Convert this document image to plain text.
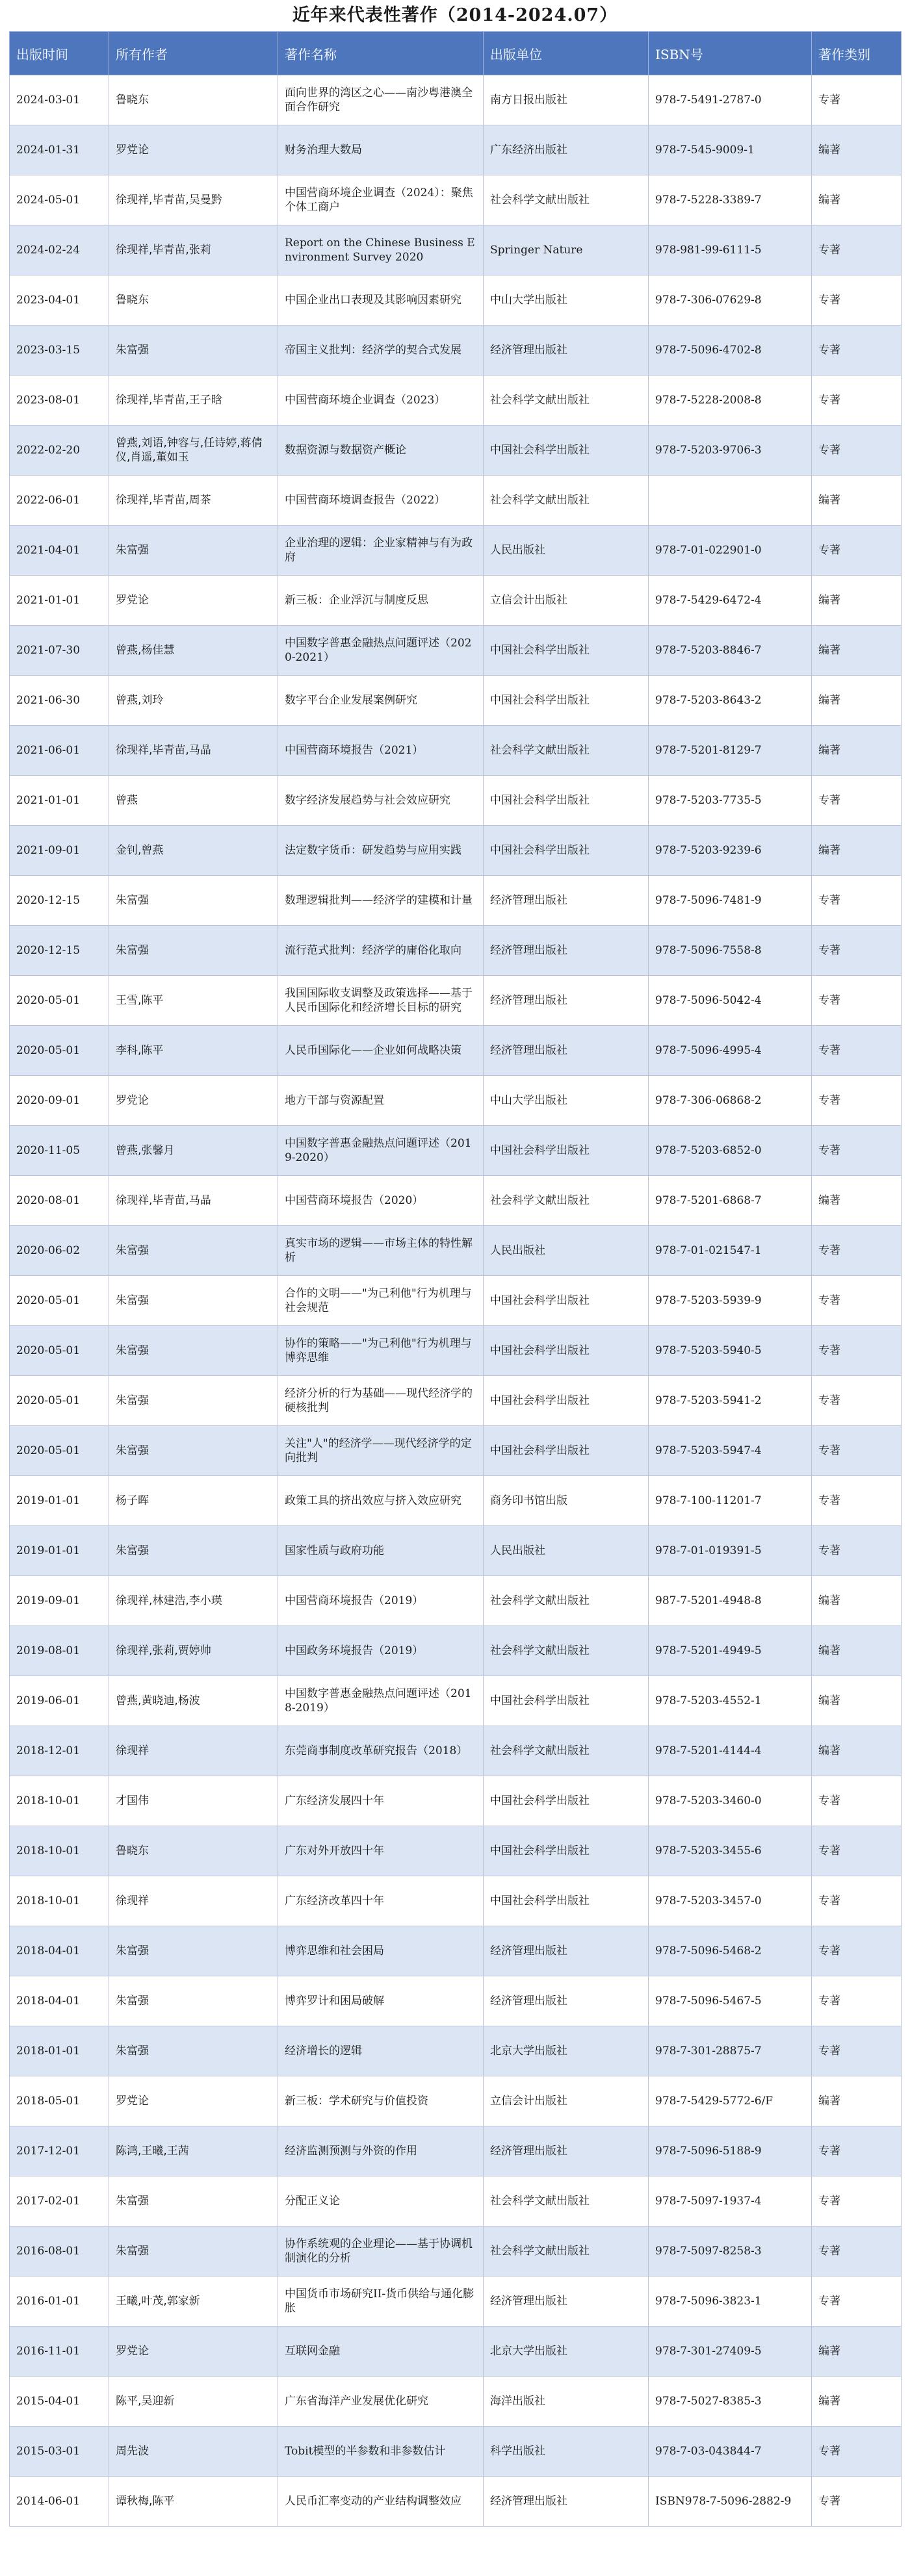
近年来代表性著作（2014-2024.07）
出版时间	所有作者	著作名称	出版单位	ISBN号	著作类别
2024-03-01	鲁晓东	面向世界的湾区之心——南沙粤港澳全面合作研究	南方日报出版社	978-7-5491-2787-0	专著
2024-01-31	罗党论	财务治理大数局	广东经济出版社	978-7-545-9009-1	编著
2024-05-01	徐现祥,毕青苗,吴曼黔	中国营商环境企业调查（2024）：聚焦个体工商户	社会科学文献出版社	978-7-5228-3389-7	编著
2024-02-24	徐现祥,毕青苗,张莉	Report on the Chinese Business Environment Survey 2020	Springer Nature	978-981-99-6111-5	专著
2023-04-01	鲁晓东	中国企业出口表现及其影响因素研究	中山大学出版社	978-7-306-07629-8	专著
2023-03-15	朱富强	帝国主义批判：经济学的契合式发展	经济管理出版社	978-7-5096-4702-8	专著
2023-08-01	徐现祥,毕青苗,王子晗	中国营商环境企业调查（2023）	社会科学文献出版社	978-7-5228-2008-8	专著
2022-02-20	曾燕,刘语,钟容与,任诗婷,蒋倩仪,肖遥,董如玉	数据资源与数据资产概论	中国社会科学出版社	978-7-5203-9706-3	专著
2022-06-01	徐现祥,毕青苗,周茶	中国营商环境调查报告（2022）	社会科学文献出版社		编著
2021-04-01	朱富强	企业治理的逻辑：企业家精神与有为政府	人民出版社	978-7-01-022901-0	专著
2021-01-01	罗党论	新三板：企业浮沉与制度反思	立信会计出版社	978-7-5429-6472-4	编著
2021-07-30	曾燕,杨佳慧	中国数字普惠金融热点问题评述（2020-2021）	中国社会科学出版社	978-7-5203-8846-7	编著
2021-06-30	曾燕,刘玲	数字平台企业发展案例研究	中国社会科学出版社	978-7-5203-8643-2	编著
2021-06-01	徐现祥,毕青苗,马晶	中国营商环境报告（2021）	社会科学文献出版社	978-7-5201-8129-7	编著
2021-01-01	曾燕	数字经济发展趋势与社会效应研究	中国社会科学出版社	978-7-5203-7735-5	专著
2021-09-01	金钊,曾燕	法定数字货币：研发趋势与应用实践	中国社会科学出版社	978-7-5203-9239-6	编著
2020-12-15	朱富强	数理逻辑批判——经济学的建模和计量	经济管理出版社	978-7-5096-7481-9	专著
2020-12-15	朱富强	流行范式批判：经济学的庸俗化取向	经济管理出版社	978-7-5096-7558-8	专著
2020-05-01	王雪,陈平	我国国际收支调整及政策选择——基于人民币国际化和经济增长目标的研究	经济管理出版社	978-7-5096-5042-4	专著
2020-05-01	李科,陈平	人民币国际化——企业如何战略决策	经济管理出版社	978-7-5096-4995-4	专著
2020-09-01	罗党论	地方干部与资源配置	中山大学出版社	978-7-306-06868-2	专著
2020-11-05	曾燕,张馨月	中国数字普惠金融热点问题评述（2019-2020）	中国社会科学出版社	978-7-5203-6852-0	专著
2020-08-01	徐现祥,毕青苗,马晶	中国营商环境报告（2020）	社会科学文献出版社	978-7-5201-6868-7	编著
2020-06-02	朱富强	真实市场的逻辑——市场主体的特性解析	人民出版社	978-7-01-021547-1	专著
2020-05-01	朱富强	合作的文明——"为己利他"行为机理与社会规范	中国社会科学出版社	978-7-5203-5939-9	专著
2020-05-01	朱富强	协作的策略——"为己利他"行为机理与博弈思维	中国社会科学出版社	978-7-5203-5940-5	专著
2020-05-01	朱富强	经济分析的行为基础——现代经济学的硬核批判	中国社会科学出版社	978-7-5203-5941-2	专著
2020-05-01	朱富强	关注"人"的经济学——现代经济学的定向批判	中国社会科学出版社	978-7-5203-5947-4	专著
2019-01-01	杨子晖	政策工具的挤出效应与挤入效应研究	商务印书馆出版	978-7-100-11201-7	专著
2019-01-01	朱富强	国家性质与政府功能	人民出版社	978-7-01-019391-5	专著
2019-09-01	徐现祥,林建浩,李小瑛	中国营商环境报告（2019）	社会科学文献出版社	987-7-5201-4948-8	编著
2019-08-01	徐现祥,张莉,贾婷帅	中国政务环境报告（2019）	社会科学文献出版社	978-7-5201-4949-5	编著
2019-06-01	曾燕,黄晓迪,杨波	中国数字普惠金融热点问题评述（2018-2019）	中国社会科学出版社	978-7-5203-4552-1	编著
2018-12-01	徐现祥	东莞商事制度改革研究报告（2018）	社会科学文献出版社	978-7-5201-4144-4	编著
2018-10-01	才国伟	广东经济发展四十年	中国社会科学出版社	978-7-5203-3460-0	专著
2018-10-01	鲁晓东	广东对外开放四十年	中国社会科学出版社	978-7-5203-3455-6	专著
2018-10-01	徐现祥	广东经济改革四十年	中国社会科学出版社	978-7-5203-3457-0	专著
2018-04-01	朱富强	博弈思维和社会困局	经济管理出版社	978-7-5096-5468-2	专著
2018-04-01	朱富强	博弈罗计和困局破解	经济管理出版社	978-7-5096-5467-5	专著
2018-01-01	朱富强	经济增长的逻辑	北京大学出版社	978-7-301-28875-7	专著
2018-05-01	罗党论	新三板：学术研究与价值投资	立信会计出版社	978-7-5429-5772-6/F	编著
2017-12-01	陈鸿,王曦,王茜	经济监测预测与外资的作用	经济管理出版社	978-7-5096-5188-9	专著
2017-02-01	朱富强	分配正义论	社会科学文献出版社	978-7-5097-1937-4	专著
2016-08-01	朱富强	协作系统观的企业理论——基于协调机制演化的分析	社会科学文献出版社	978-7-5097-8258-3	专著
2016-01-01	王曦,叶茂,郭家新	中国货币市场研究II-货币供给与通化膨胀	经济管理出版社	978-7-5096-3823-1	专著
2016-11-01	罗党论	互联网金融	北京大学出版社	978-7-301-27409-5	编著
2015-04-01	陈平,吴迎新	广东省海洋产业发展优化研究	海洋出版社	978-7-5027-8385-3	编著
2015-03-01	周先波	Tobit模型的半参数和非参数估计	科学出版社	978-7-03-043844-7	专著
2014-06-01	谭秋梅,陈平	人民币汇率变动的产业结构调整效应	经济管理出版社	ISBN978-7-5096-2882-9	专著
